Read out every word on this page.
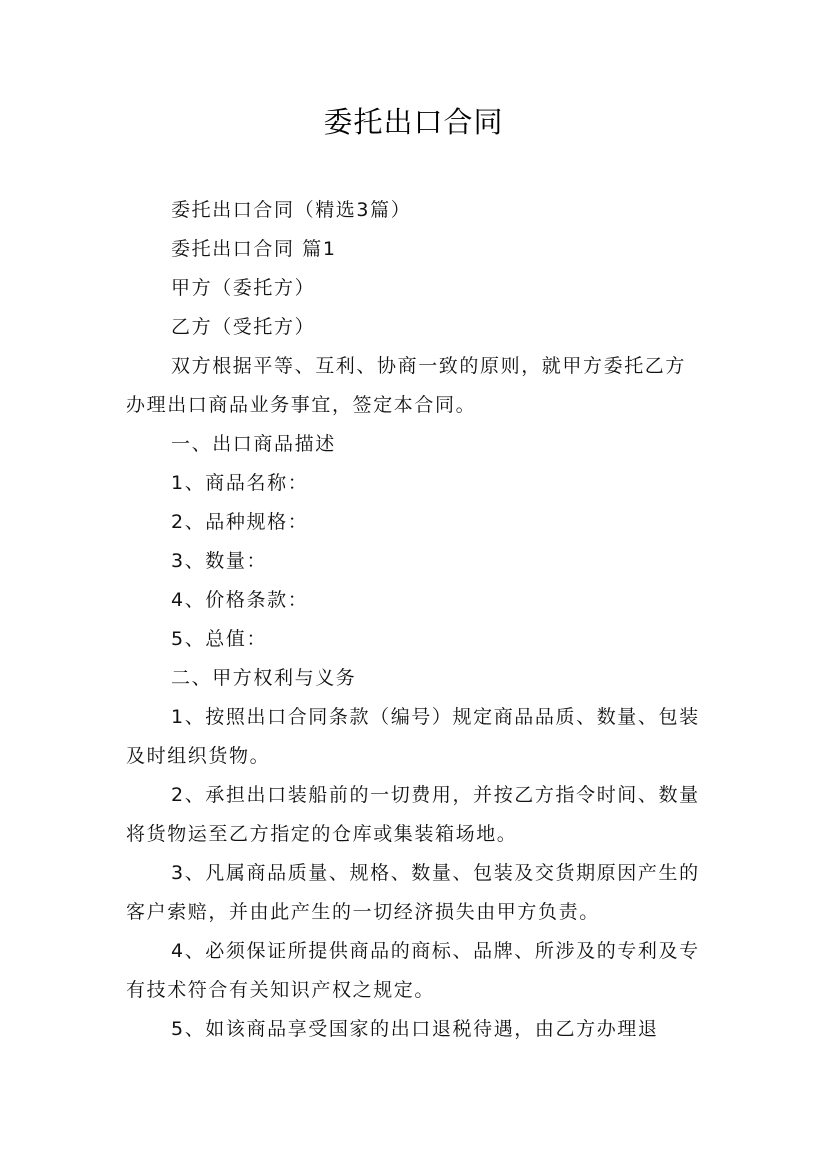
委托出口合同

委托出口合同（精选3篇）

委托出口合同 篇1

甲方（委托方）

乙方（受托方）

双方根据平等、互利、协商一致的原则，就甲方委托乙方办理出口商品业务事宜，签定本合同。

一、出口商品描述

1、商品名称：

2、品种规格：

3、数量：

4、价格条款：

5、总值：

二、甲方权利与义务

1、按照出口合同条款（编号）规定商品品质、数量、包装及时组织货物。

2、承担出口装船前的一切费用，并按乙方指令时间、数量将货物运至乙方指定的仓库或集装箱场地。

3、凡属商品质量、规格、数量、包装及交货期原因产生的客户索赔，并由此产生的一切经济损失由甲方负责。

4、必须保证所提供商品的商标、品牌、所涉及的专利及专有技术符合有关知识产权之规定。

5、如该商品享受国家的出口退税待遇，由乙方办理退
